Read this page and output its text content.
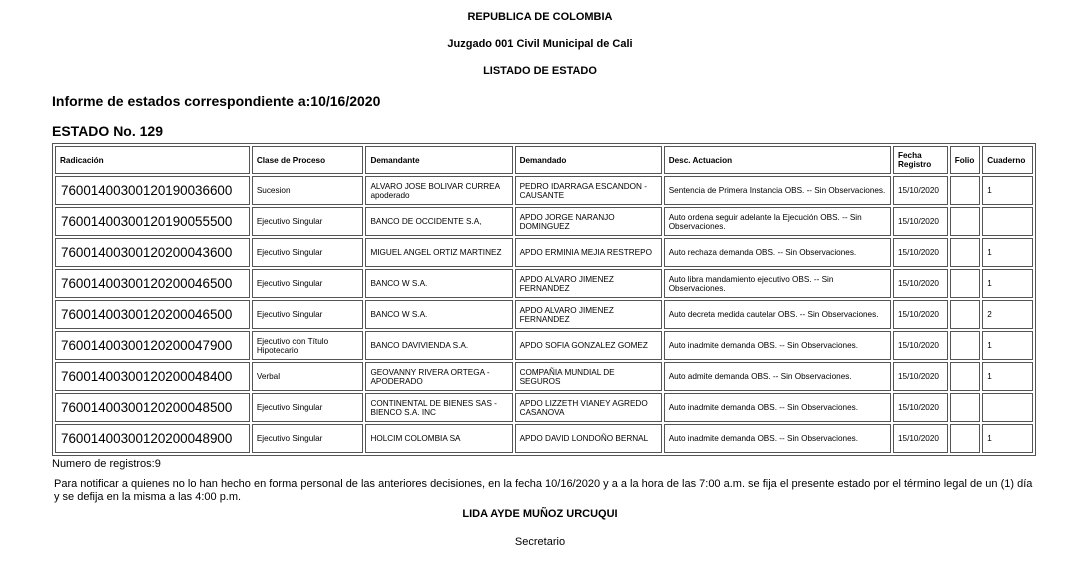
REPUBLICA DE COLOMBIA
Juzgado 001 Civil Municipal de Cali
LISTADO DE ESTADO
Informe de estados correspondiente a:10/16/2020
ESTADO No. 129
Radicación	Clase de Proceso	Demandante	Demandado	Desc. Actuacion	Fecha Registro	Folio	Cuaderno
76001400300120190036600	Sucesion	ALVARO JOSE BOLIVAR CURREA apoderado	PEDRO IDARRAGA ESCANDON - CAUSANTE	Sentencia de Primera Instancia OBS. -- Sin Observaciones.	15/10/2020		1
76001400300120190055500	Ejecutivo Singular	BANCO DE OCCIDENTE S.A,	APDO JORGE NARANJO DOMINGUEZ	Auto ordena seguir adelante la Ejecución OBS. -- Sin Observaciones.	15/10/2020		
76001400300120200043600	Ejecutivo Singular	MIGUEL ANGEL ORTIZ MARTINEZ	APDO ERMINIA MEJIA RESTREPO	Auto rechaza demanda OBS. -- Sin Observaciones.	15/10/2020		1
76001400300120200046500	Ejecutivo Singular	BANCO W S.A.	APDO ALVARO JIMENEZ FERNANDEZ	Auto libra mandamiento ejecutivo OBS. -- Sin Observaciones.	15/10/2020		1
76001400300120200046500	Ejecutivo Singular	BANCO W S.A.	APDO ALVARO JIMENEZ FERNANDEZ	Auto decreta medida cautelar OBS. -- Sin Observaciones.	15/10/2020		2
76001400300120200047900	Ejecutivo con Título Hipotecario	BANCO DAVIVIENDA S.A.	APDO SOFIA GONZALEZ GOMEZ	Auto inadmite demanda OBS. -- Sin Observaciones.	15/10/2020		1
76001400300120200048400	Verbal	GEOVANNY RIVERA ORTEGA - APODERADO	COMPAÑIA MUNDIAL DE SEGUROS	Auto admite demanda OBS. -- Sin Observaciones.	15/10/2020		1
76001400300120200048500	Ejecutivo Singular	CONTINENTAL DE BIENES SAS - BIENCO S.A. INC	APDO LIZZETH VIANEY AGREDO CASANOVA	Auto inadmite demanda OBS. -- Sin Observaciones.	15/10/2020		
76001400300120200048900	Ejecutivo Singular	HOLCIM COLOMBIA SA	APDO DAVID LONDOÑO BERNAL	Auto inadmite demanda OBS. -- Sin Observaciones.	15/10/2020		1
Numero de registros:9
Para notificar a quienes no lo han hecho en forma personal de las anteriores decisiones, en la fecha 10/16/2020 y a a la hora de las 7:00 a.m. se fija el presente estado por el término legal de un (1) día y se defija en la misma a las 4:00 p.m.
LIDA AYDE MUÑOZ URCUQUI
Secretario
